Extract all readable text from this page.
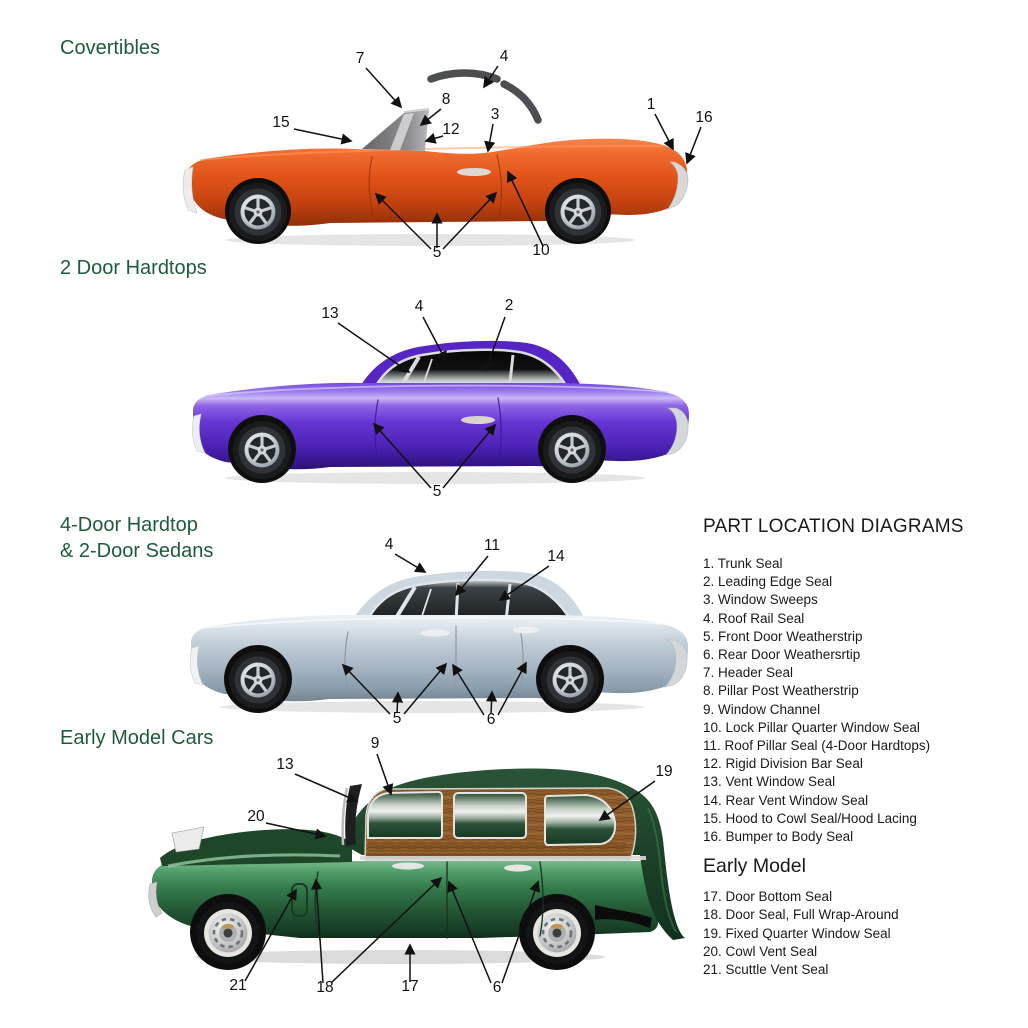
Covertibles
2 Door Hardtops
4-Door Hardtop
& 2-Door Sedans
Early Model Cars
7	4
8
12
3
15
1
16
5	10
13	4	2
5
4	11
14
5	6
9
13
20
19
21	18	17	6
PART LOCATION DIAGRAMS
1. Trunk Seal
2. Leading Edge Seal
3. Window Sweeps
4. Roof Rail Seal
5. Front Door Weatherstrip
6. Rear Door Weathersrtip
7. Header Seal
8. Pillar Post Weatherstrip
9. Window Channel
10. Lock Pillar Quarter Window Seal
11. Roof Pillar Seal (4-Door Hardtops)
12. Rigid Division Bar Seal
13. Vent Window Seal
14. Rear Vent Window Seal
15. Hood to Cowl Seal/Hood Lacing
16. Bumper to Body Seal
Early Model
17. Door Bottom Seal
18. Door Seal, Full Wrap-Around
19. Fixed Quarter Window Seal
20. Cowl Vent Seal
21. Scuttle Vent Seal
